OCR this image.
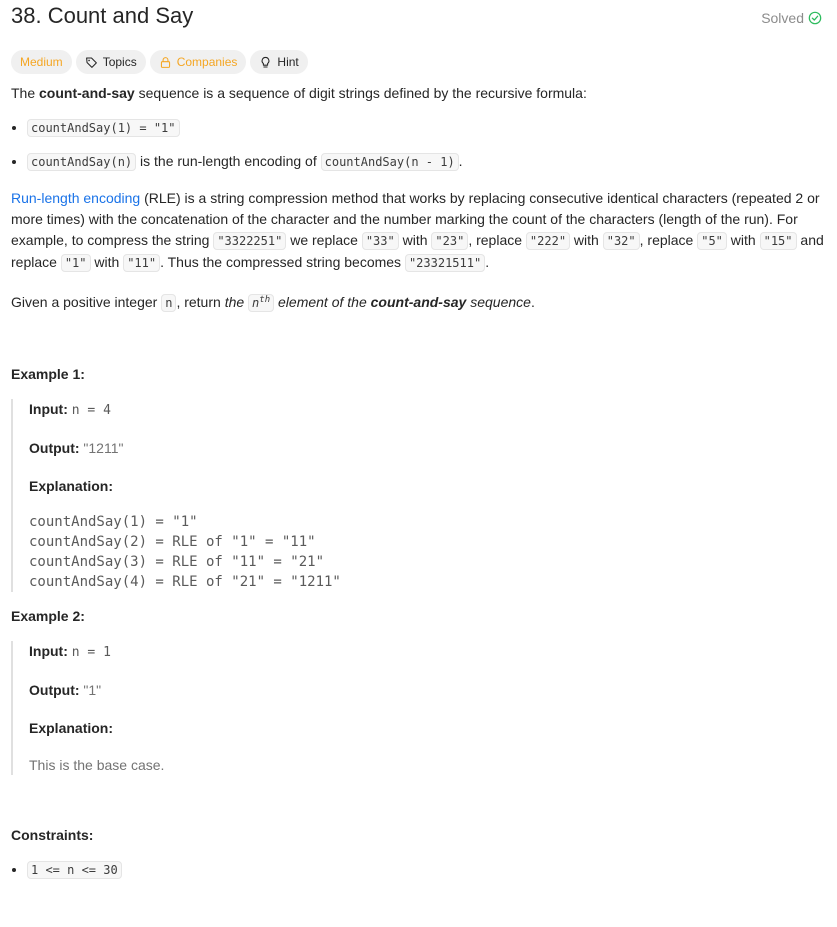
38. Count and Say	Solved
Medium	Topics	Companies	Hint

The count-and-say sequence is a sequence of digit strings defined by the recursive formula:

• countAndSay(1) = "1"
• countAndSay(n) is the run-length encoding of countAndSay(n - 1) .

Run-length encoding (RLE) is a string compression method that works by replacing consecutive identical characters (repeated 2 or more times) with the concatenation of the character and the number marking the count of the characters (length of the run). For example, to compress the string "3322251" we replace "33" with "23" , replace "222" with "32" , replace "5" with "15" and replace "1" with "11" . Thus the compressed string becomes "23321511" .

Given a positive integer n , return the $n^{th}$ element of the count-and-say sequence.

Example 1:
Input: n = 4
Output: "1211"
Explanation:
countAndSay(1) = "1"
countAndSay(2) = RLE of "1" = "11"
countAndSay(3) = RLE of "11" = "21"
countAndSay(4) = RLE of "21" = "1211"
Example 2:
Input: n = 1
Output: "1"
Explanation:
This is the base case.
Constraints:
• 1 <= n <= 30
